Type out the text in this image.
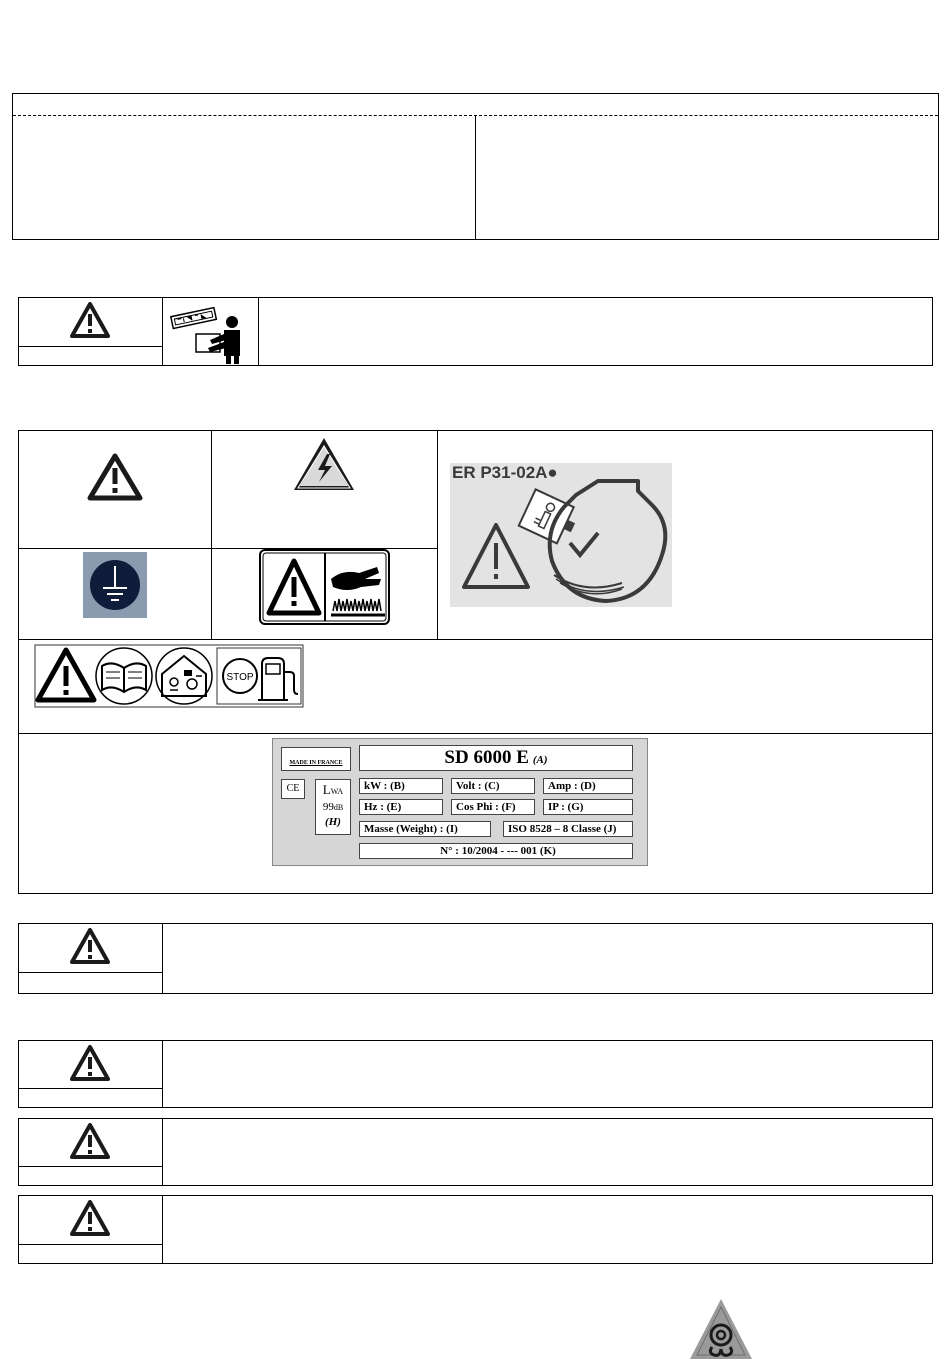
ER P31-02A●
STOP
MADE IN FRANCE
CE	LWA
99dB
(H)
SD 6000 E (A)
kW : (B)	Volt : (C)	Amp : (D)
Hz : (E)	Cos Phi : (F)	IP : (G)
Masse (Weight) : (I)	ISO 8528 – 8 Classe (J)
N° : 10/2004 - --- 001 (K)
